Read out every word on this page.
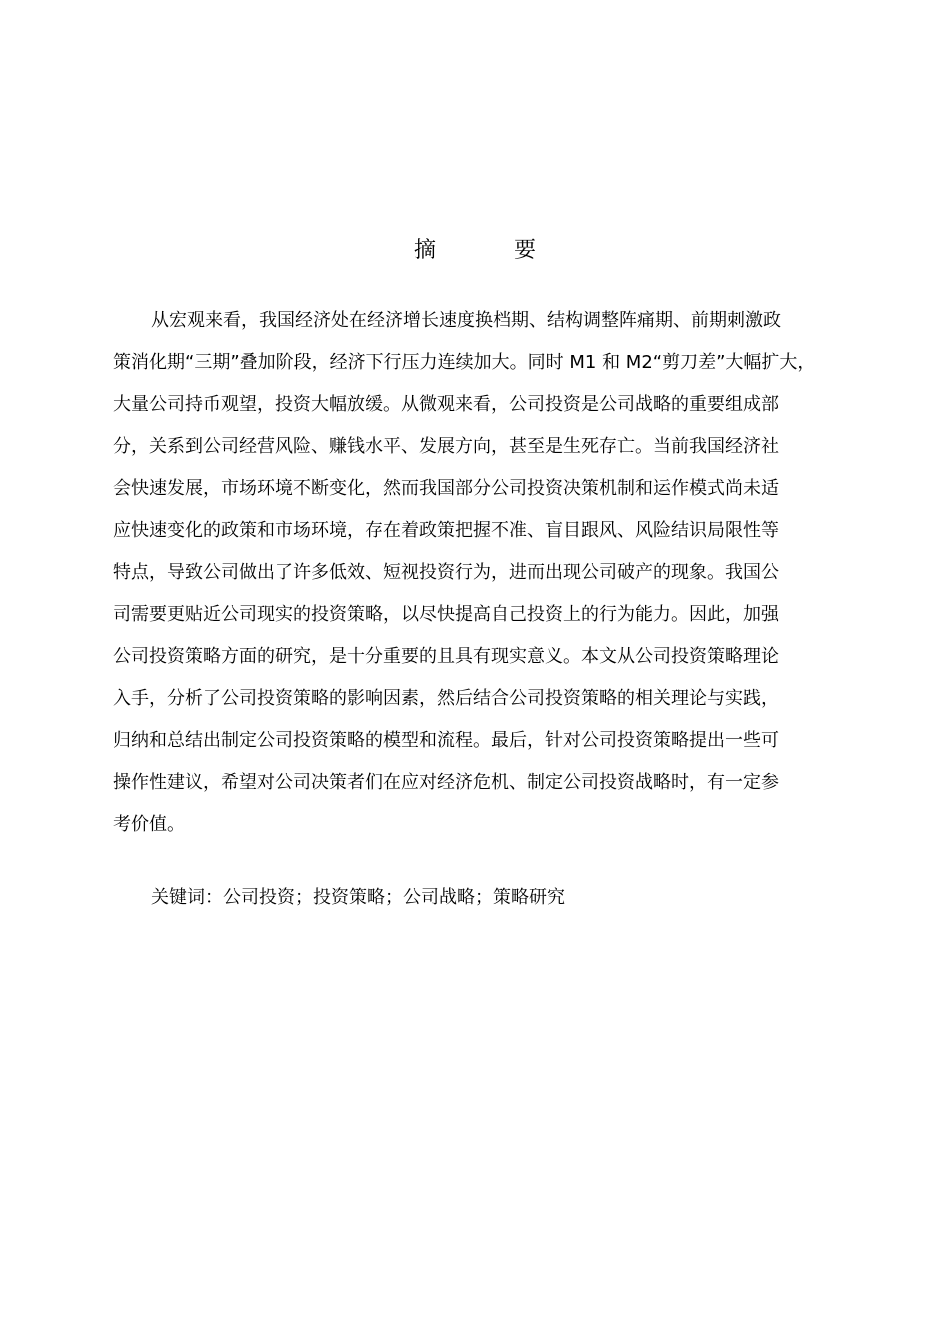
摘　要
从宏观来看，我国经济处在经济增长速度换档期、结构调整阵痛期、前期刺激政
策消化期“三期”叠加阶段，经济下行压力连续加大。同时 M1 和 M2“剪刀差”大幅扩大，
大量公司持币观望，投资大幅放缓。从微观来看，公司投资是公司战略的重要组成部
分，关系到公司经营风险、赚钱水平、发展方向，甚至是生死存亡。当前我国经济社
会快速发展，市场环境不断变化，然而我国部分公司投资决策机制和运作模式尚未适
应快速变化的政策和市场环境，存在着政策把握不准、盲目跟风、风险结识局限性等
特点，导致公司做出了许多低效、短视投资行为，进而出现公司破产的现象。我国公
司需要更贴近公司现实的投资策略，以尽快提高自己投资上的行为能力。因此，加强
公司投资策略方面的研究，是十分重要的且具有现实意义。本文从公司投资策略理论
入手，分析了公司投资策略的影响因素，然后结合公司投资策略的相关理论与实践，
归纳和总结出制定公司投资策略的模型和流程。最后，针对公司投资策略提出一些可
操作性建议，希望对公司决策者们在应对经济危机、制定公司投资战略时，有一定参
考价值。
关键词：公司投资；投资策略；公司战略；策略研究
